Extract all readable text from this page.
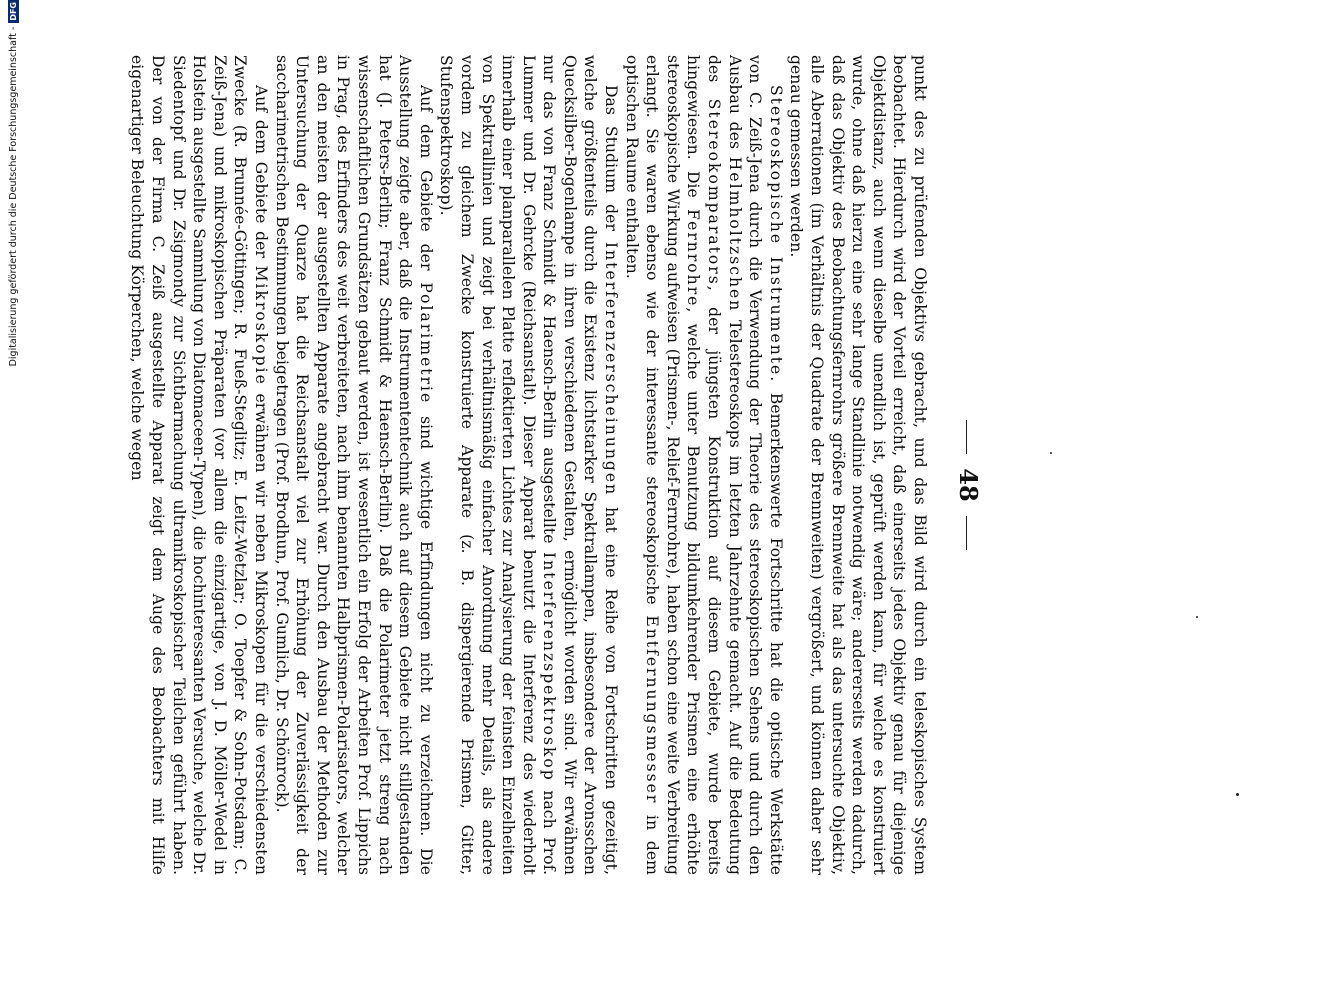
Digitalisierung gefördert durch die Deutsche Forschungsgemeinschaft -DFG
48

punkt des zu prüfenden Objektivs gebracht, und das Bild wird durch ein teleskopisches System beobachtet. Hierdurch wird der Vorteil erreicht, daß einerseits jedes Objektiv genau für diejenige Objektdistanz, auch wenn dieselbe unendlich ist, geprüft werden kann, für welche es konstruiert wurde, ohne daß hierzu eine sehr lange Standlinie notwendig wäre; andererseits werden dadurch, daß das Objektiv des Beobachtungsfernrohrs größere Brennweite hat als das untersuchte Objektiv, alle Aberrationen (im Verhältnis der Quadrate der Brennweiten) vergrößert, und können daher sehr genau gemessen werden.

Stereoskopische Instrumente. Bemerkenswerte Fortschritte hat die optische Werkstätte von C. Zeiß-Jena durch die Verwendung der Theorie des stereoskopischen Sehens und durch den Ausbau des Helmholtzschen Telestereoskops im letzten Jahrzehnte gemacht. Auf die Bedeutung des Stereokomparators, der jüngsten Konstruktion auf diesem Gebiete, wurde bereits hingewiesen. Die Fernrohre, welche unter Benutzung bildumkehrender Prismen eine erhöhte stereoskopische Wirkung aufweisen (Prismen-, Relief-Fernrohre), haben schon eine weite Verbreitung erlangt. Sie waren ebenso wie der interessante stereoskopische Entfernungsmesser in dem optischen Raume enthalten.

Das Studium der Interferenzerscheinungen hat eine Reihe von Fortschritten gezeitigt, welche größtenteils durch die Existenz lichtstarker Spektrallampen, insbesondere der Aronsschen Quecksilber-Bogenlampe in ihren verschiedenen Gestalten, ermöglicht worden sind. Wir erwähnen nur das von Franz Schmidt & Haensch-Berlin ausgestellte Interferenzspektroskop nach Prof. Lummer und Dr. Gehrcke (Reichsanstalt). Dieser Apparat benutzt die Interferenz des wiederholt innerhalb einer planparallelen Platte reflektierten Lichtes zur Analysierung der feinsten Einzelheiten von Spektrallinien und zeigt bei verhältnismäßig einfacher Anordnung mehr Details, als andere vordem zu gleichem Zwecke konstruierte Apparate (z. B. dispergierende Prismen, Gitter, Stufenspektroskop).

Auf dem Gebiete der Polarimetrie sind wichtige Erfindungen nicht zu verzeichnen. Die Ausstellung zeigte aber, daß die Instrumententechnik auch auf diesem Gebiete nicht stillgestanden hat (J. Peters-Berlin; Franz Schmidt & Haensch-Berlin). Daß die Polarimeter jetzt streng nach wissenschaftlichen Grundsätzen gebaut werden, ist wesentlich ein Erfolg der Arbeiten Prof. Lippichs in Prag, des Erfinders des weit verbreiteten, nach ihm benannten Halbprismen-Polarisators, welcher an den meisten der ausgestellten Apparate angebracht war. Durch den Ausbau der Methoden zur Untersuchung der Quarze hat die Reichsanstalt viel zur Erhöhung der Zuverlässigkeit der saccharimetrischen Bestimmungen beigetragen (Prof. Brodhun, Prof. Gumlich, Dr. Schönrock).

Auf dem Gebiete der Mikroskopie erwähnen wir neben Mikroskopen für die verschiedensten Zwecke (R. Brunnée-Göttingen; R. Fueß-Steglitz; E. Leitz-Wetzlar; O. Toepfer & Sohn-Potsdam; C. Zeiß-Jena) und mikroskopischen Präparaten (vor allem die einzigartige, von J. D. Möller-Wedel in Holstein ausgestellte Sammlung von Diatomaceen-Typen), die hochinteressanten Versuche, welche Dr. Siedentopf und Dr. Zsigmondy zur Sichtbarmachung ultramikroskopischer Teilchen geführt haben. Der von der Firma C. Zeiß ausgestellte Apparat zeigt dem Auge des Beobachters mit Hilfe eigenartiger Beleuchtung Körperchen, welche wegen
